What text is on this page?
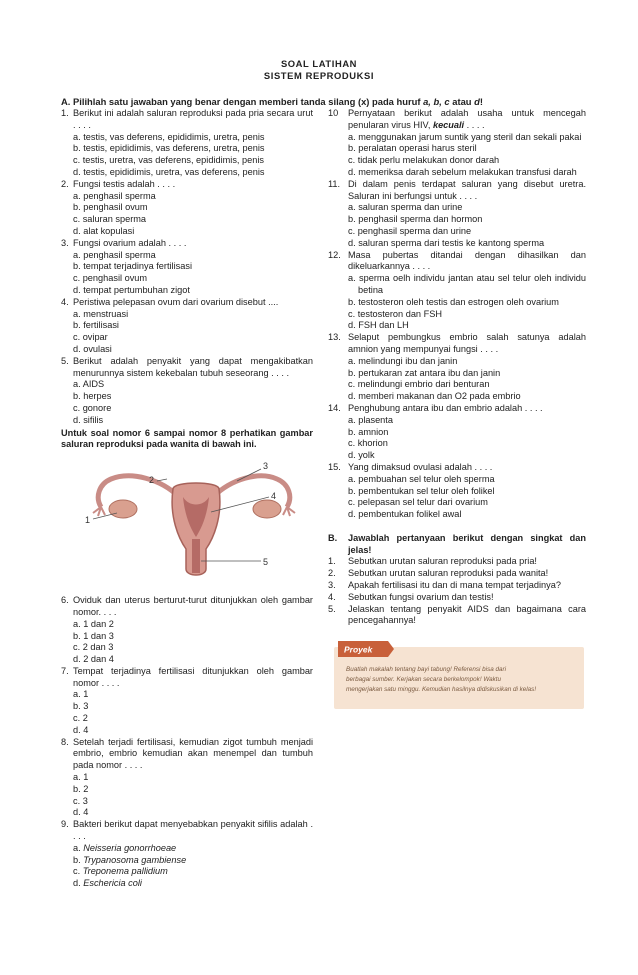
SOAL LATIHAN
SISTEM REPRODUKSI
A. Pilihlah satu jawaban yang benar dengan memberi tanda silang (x) pada huruf a, b, c atau d!
1. Berikut ini adalah saluran reproduksi pada pria secara urut . . . .
a. testis, vas deferens, epididimis, uretra, penis
b. testis, epididimis, vas deferens, uretra, penis
c. testis, uretra, vas deferens, epididimis, penis
d. testis, epididimis, uretra, vas deferens, penis
2. Fungsi testis adalah . . . .
a. penghasil sperma
b. penghasil ovum
c. saluran sperma
d. alat kopulasi
3. Fungsi ovarium adalah . . . .
a. penghasil sperma
b. tempat terjadinya fertilisasi
c. penghasil ovum
d. tempat pertumbuhan zigot
4. Peristiwa pelepasan ovum dari ovarium disebut ....
a. menstruasi
b. fertilisasi
c. ovipar
d. ovulasi
5. Berikut adalah penyakit yang dapat mengakibatkan menurunnya sistem kekebalan tubuh seseorang . . . .
a. AIDS
b. herpes
c. gonore
d. sifilis
Untuk soal nomor 6 sampai nomor 8 perhatikan gambar saluran reproduksi pada wanita di bawah ini.
1
2
3
4
5
6. Oviduk dan uterus berturut-turut ditunjukkan oleh gambar nomor. . . .
a. 1 dan 2
b. 1 dan 3
c. 2 dan 3
d. 2 dan 4
7. Tempat terjadinya fertilisasi ditunjukkan oleh gambar nomor . . . .
a. 1
b. 3
c. 2
d. 4
8. Setelah terjadi fertilisasi, kemudian zigot tumbuh menjadi embrio, embrio kemudian akan menempel dan tumbuh pada nomor . . . .
a. 1
b. 2
c. 3
d. 4
9. Bakteri berikut dapat menyebabkan penyakit sifilis adalah . . . .
a. Neisseria gonorrhoeae
b. Trypanosoma gambiense
c. Treponema pallidium
d. Eschericia coli
10 Pernyataan berikut adalah usaha untuk mencegah penularan virus HIV, kecuali . . . .
a. menggunakan jarum suntik yang steril dan sekali pakai
b. peralatan operasi harus steril
c. tidak perlu melakukan donor darah
d. memeriksa darah sebelum melakukan transfusi darah
11. Di dalam penis terdapat saluran yang disebut uretra. Saluran ini berfungsi untuk . . . .
a. saluran sperma dan urine
b. penghasil sperma dan hormon
c. penghasil sperma dan urine
d. saluran sperma dari testis ke kantong sperma
12. Masa pubertas ditandai dengan dihasilkan dan dikeluarkannya . . . .
a. sperma oelh individu jantan atau sel telur oleh individu betina
b. testosteron oleh testis dan estrogen oleh ovarium
c. testosteron dan FSH
d. FSH dan LH
13. Selaput pembungkus embrio salah satunya adalah amnion yang mempunyai fungsi . . . .
a. melindungi ibu dan janin
b. pertukaran zat antara ibu dan janin
c. melindungi embrio dari benturan
d. memberi makanan dan O2 pada embrio
14. Penghubung antara ibu dan embrio adalah . . . .
a. plasenta
b. amnion
c. khorion
d. yolk
15. Yang dimaksud ovulasi adalah . . . .
a. pembuahan sel telur oleh sperma
b. pembentukan sel telur oleh folikel
c. pelepasan sel telur dari ovarium
d. pembentukan folikel awal
B. Jawablah pertanyaan berikut dengan singkat dan jelas!
1. Sebutkan urutan saluran reproduksi pada pria!
2. Sebutkan urutan saluran reproduksi pada wanita!
3. Apakah fertilisasi itu dan di mana tempat terjadinya?
4. Sebutkan fungsi ovarium dan testis!
5. Jelaskan tentang penyakit AIDS dan bagaimana cara pencegahannya!
Proyek
Buatlah makalah tentang bayi tabung! Referensi bisa dari
berbagai sumber. Kerjakan secara berkelompok! Waktu
mengerjakan satu minggu. Kemudian hasilnya didiskusikan di kelas!
